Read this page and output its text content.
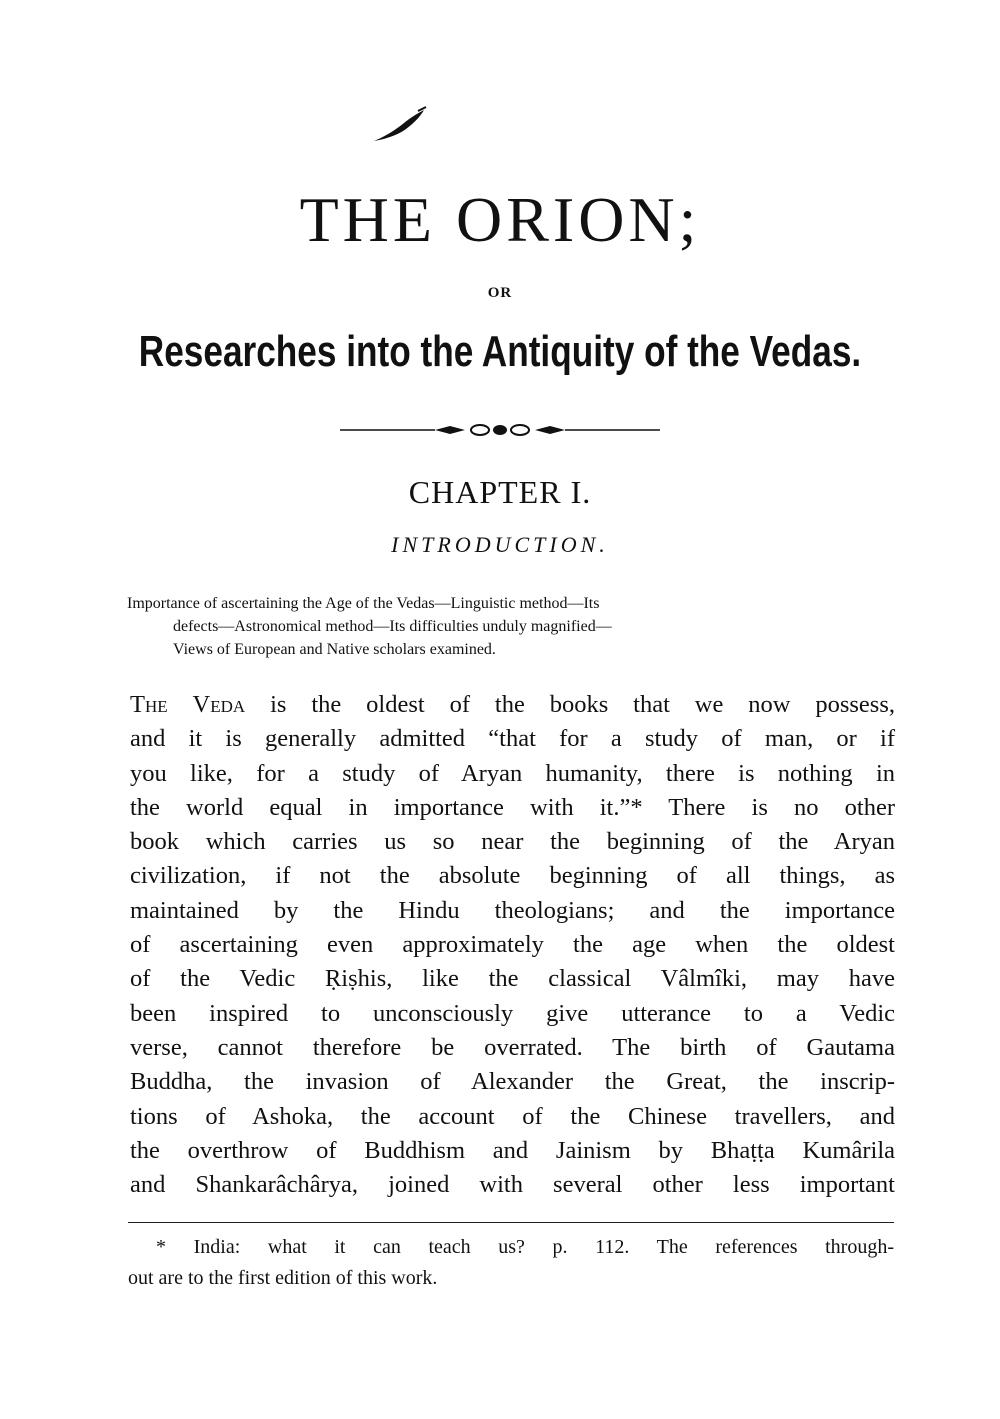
THE ORION;
OR
Researches into the Antiquity of the Vedas.
CHAPTER I.
INTRODUCTION.
Importance of ascertaining the Age of the Vedas—Linguistic method—Its
defects—Astronomical method—Its difficulties unduly magnified—
Views of European and Native scholars examined.
The Veda is the oldest of the books that we now possess,
and it is generally admitted “that for a study of man, or if
you like, for a study of Aryan humanity, there is nothing in
the world equal in importance with it.”* There is no other
book which carries us so near the beginning of the Aryan
civilization, if not the absolute beginning of all things, as
maintained by the Hindu theologians; and the importance
of ascertaining even approximately the age when the oldest
of the Vedic Ṛiṣhis, like the classical Vâlmîki, may have
been inspired to unconsciously give utterance to a Vedic
verse, cannot therefore be overrated. The birth of Gautama
Buddha, the invasion of Alexander the Great, the inscrip-
tions of Ashoka, the account of the Chinese travellers, and
the overthrow of Buddhism and Jainism by Bhaṭṭa Kumârila
and Shankarâchârya, joined with several other less important
* India: what it can teach us? p. 112. The references through-
out are to the first edition of this work.
